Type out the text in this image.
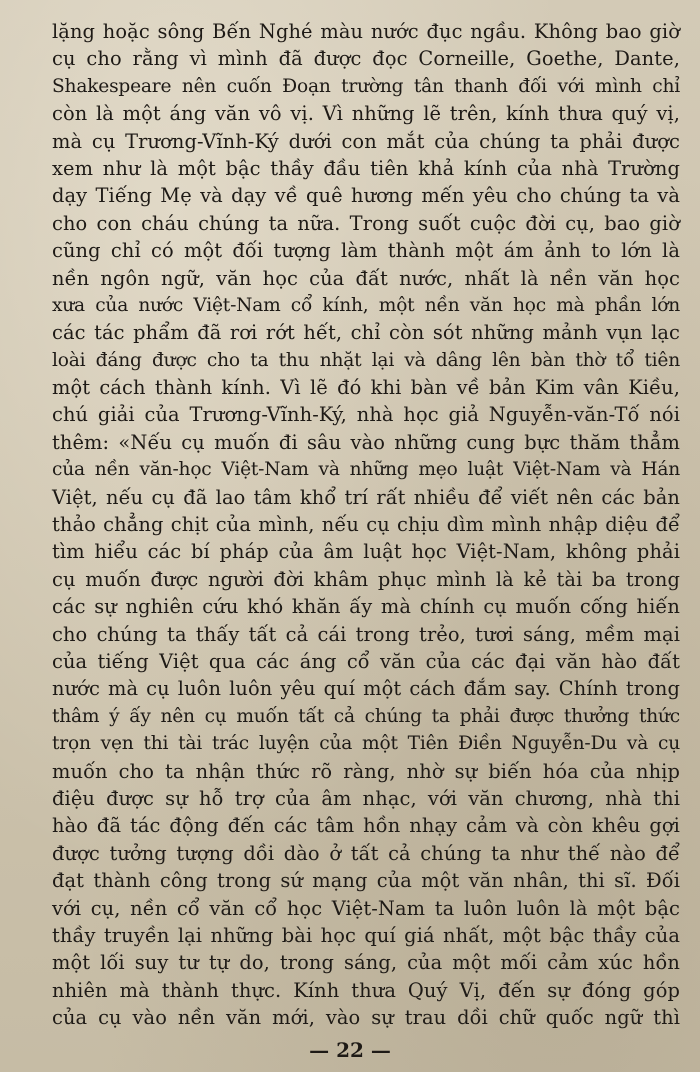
lặng hoặc sông Bến Nghé màu nước đục ngầu. Không bao giờ
cụ cho rằng vì mình đã được đọc Corneille, Goethe, Dante,
Shakespeare nên cuốn Đoạn trường tân thanh đối với mình chỉ
còn là một áng văn vô vị. Vì những lẽ trên, kính thưa quý vị,
mà cụ Trương-Vĩnh-Ký dưới con mắt của chúng ta phải được
xem như là một bậc thầy đầu tiên khả kính của nhà Trường
dạy Tiếng Mẹ và dạy về quê hương mến yêu cho chúng ta và
cho con cháu chúng ta nữa. Trong suốt cuộc đời cụ, bao giờ
cũng chỉ có một đối tượng làm thành một ám ảnh to lớn là
nền ngôn ngữ, văn học của đất nước, nhất là nền văn học
xưa của nước Việt-Nam cổ kính, một nền văn học mà phần lớn
các tác phẩm đã rơi rớt hết, chỉ còn sót những mảnh vụn lạc
loài đáng được cho ta thu nhặt lại và dâng lên bàn thờ tổ tiên
một cách thành kính. Vì lẽ đó khi bàn về bản Kim vân Kiều,
chú giải của Trương-Vĩnh-Ký, nhà học giả Nguyễn-văn-Tố nói
thêm: «Nếu cụ muốn đi sâu vào những cung bực thăm thẳm
của nền văn-học Việt-Nam và những mẹo luật Việt-Nam và Hán
Việt, nếu cụ đã lao tâm khổ trí rất nhiều để viết nên các bản
thảo chẳng chịt của mình, nếu cụ chịu dìm mình nhập diệu để
tìm hiểu các bí pháp của âm luật học Việt-Nam, không phải
cụ muốn được người đời khâm phục mình là kẻ tài ba trong
các sự nghiên cứu khó khăn ấy mà chính cụ muốn cống hiến
cho chúng ta thấy tất cả cái trong trẻo, tươi sáng, mềm mại
của tiếng Việt qua các áng cổ văn của các đại văn hào đất
nước mà cụ luôn luôn yêu quí một cách đắm say. Chính trong
thâm ý ấy nên cụ muốn tất cả chúng ta phải được thưởng thức
trọn vẹn thi tài trác luyện của một Tiên Điền Nguyễn-Du và cụ
muốn cho ta nhận thức rõ ràng, nhờ sự biến hóa của nhịp
điệu được sự hỗ trợ của âm nhạc, với văn chương, nhà thi
hào đã tác động đến các tâm hồn nhạy cảm và còn khêu gợi
được tưởng tượng dồi dào ở tất cả chúng ta như thế nào để
đạt thành công trong sứ mạng của một văn nhân, thi sĩ. Đối
với cụ, nền cổ văn cổ học Việt-Nam ta luôn luôn là một bậc
thầy truyền lại những bài học quí giá nhất, một bậc thầy của
một lối suy tư tự do, trong sáng, của một mối cảm xúc hồn
nhiên mà thành thực. Kính thưa Quý Vị, đến sự đóng góp
của cụ vào nền văn mới, vào sự trau dồi chữ quốc ngữ thì
— 22 —
